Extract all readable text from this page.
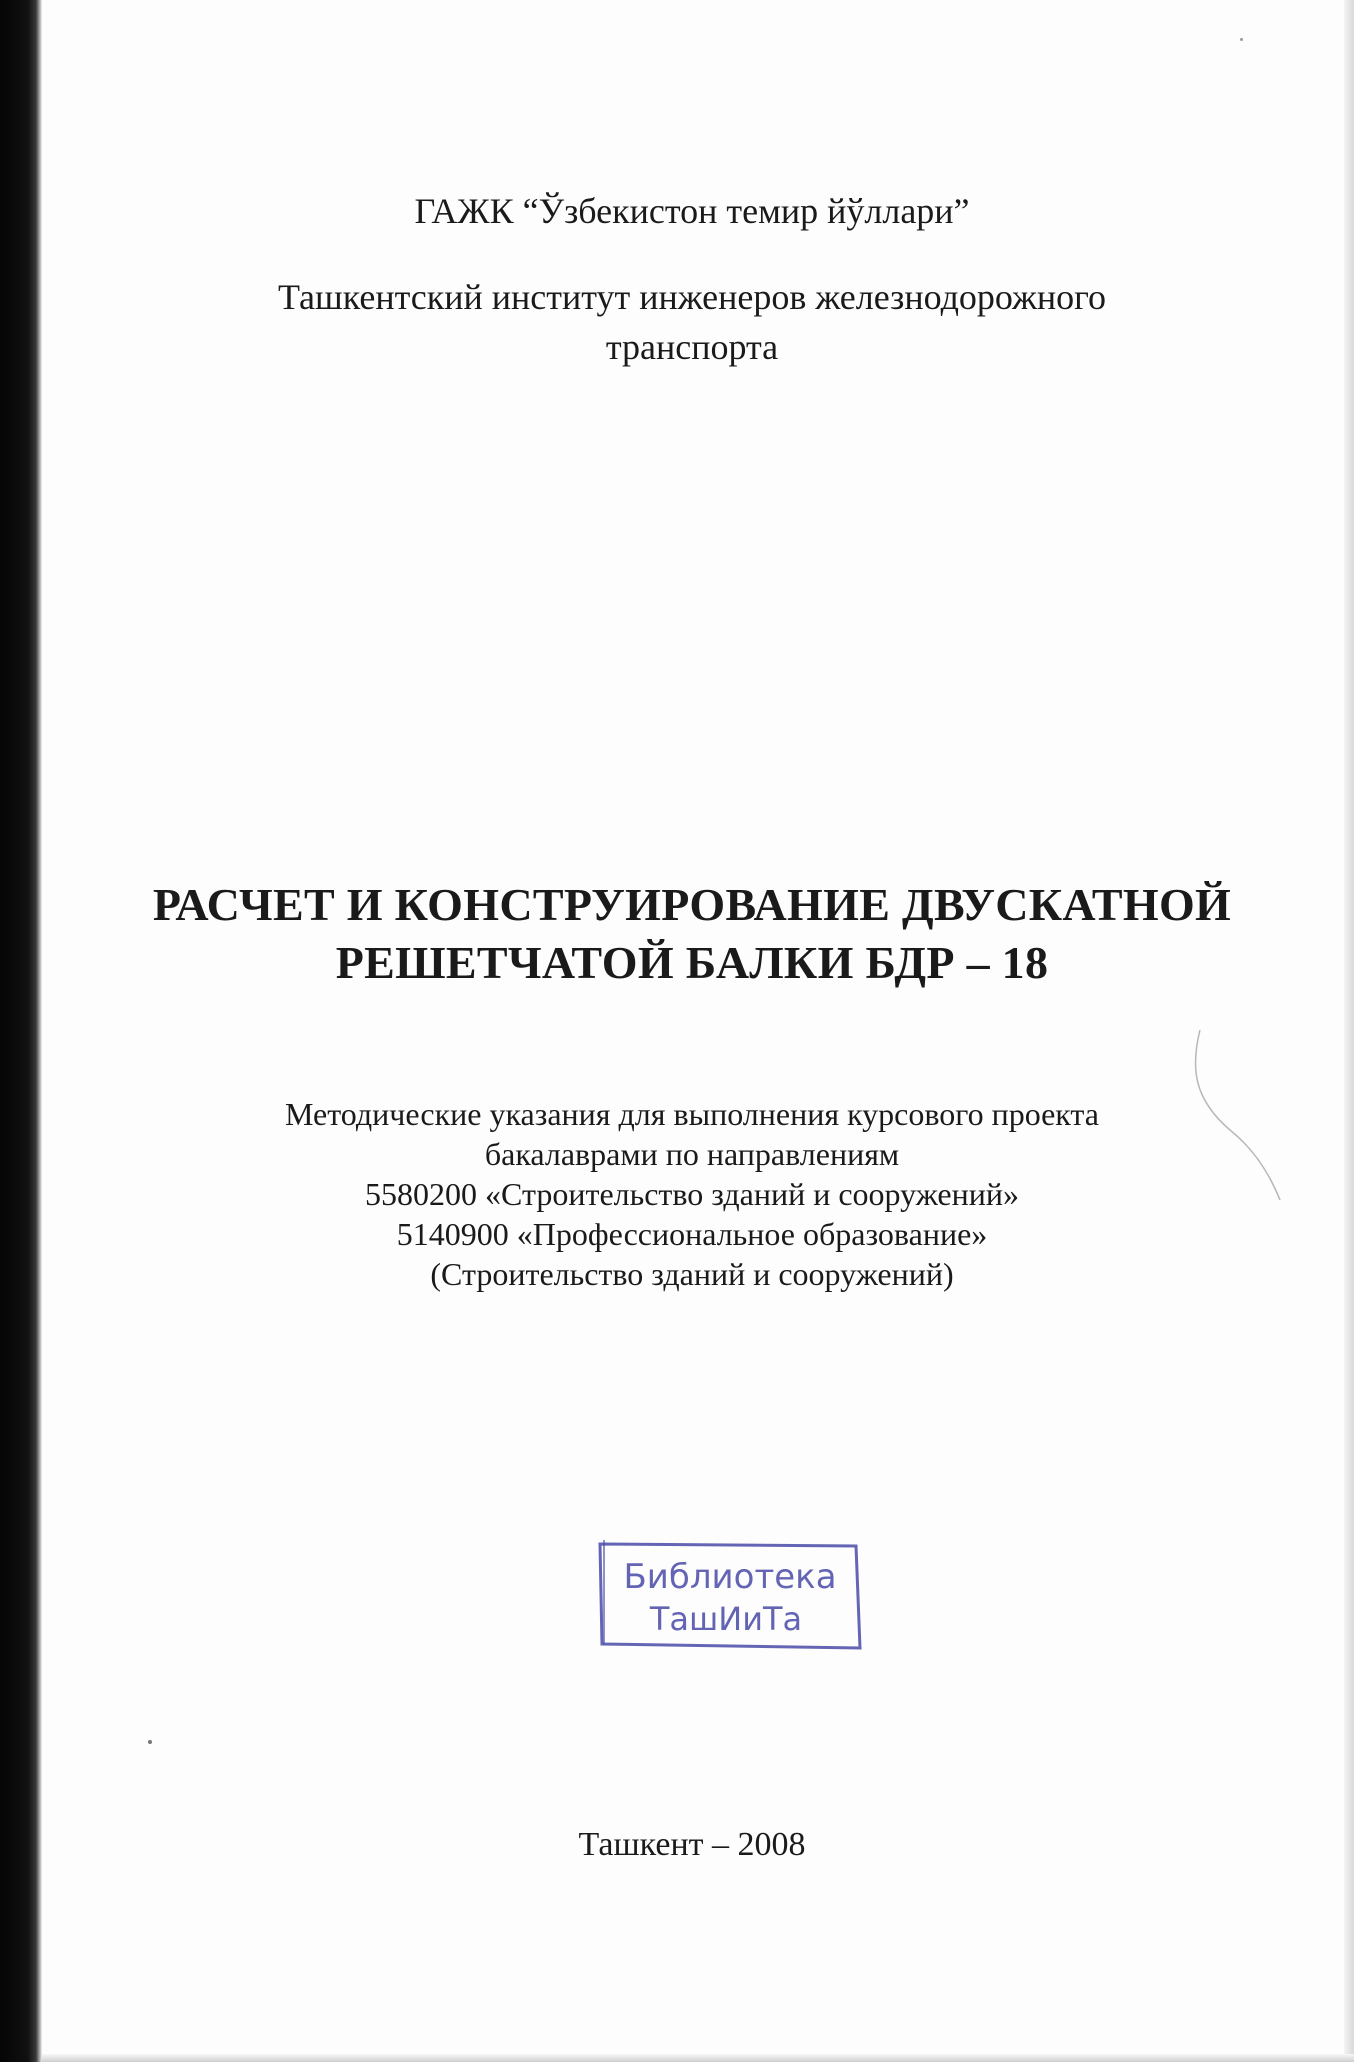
ГАЖК “Ўзбекистон темир йўллари”
Ташкентский институт инженеров железнодорожного
транспорта
РАСЧЕТ И КОНСТРУИРОВАНИЕ ДВУСКАТНОЙ
РЕШЕТЧАТОЙ БАЛКИ БДР – 18
Методические указания для выполнения курсового проекта
бакалаврами по направлениям
5580200 «Строительство зданий и сооружений»
5140900 «Профессиональное образование»
(Строительство зданий и сооружений)
Ташкент – 2008
Библиотека
ТашИиТа
